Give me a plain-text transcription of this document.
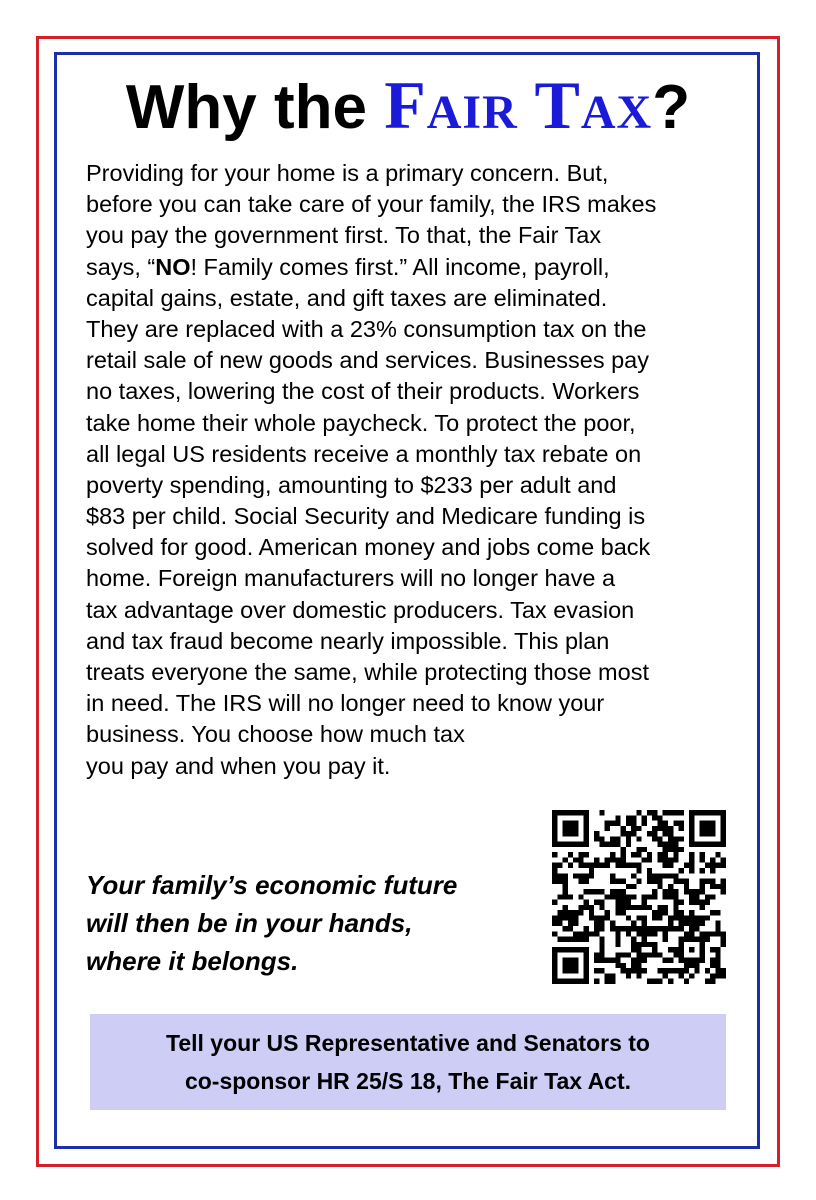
Why the Fair Tax?
Providing for your home is a primary concern. But,
before you can take care of your family, the IRS makes
you pay the government first. To that, the Fair Tax
says, “NO! Family comes first.” All income, payroll,
capital gains, estate, and gift taxes are eliminated.
They are replaced with a 23% consumption tax on the
retail sale of new goods and services. Businesses pay
no taxes, lowering the cost of their products. Workers
take home their whole paycheck. To protect the poor,
all legal US residents receive a monthly tax rebate on
poverty spending, amounting to $233 per adult and
$83 per child. Social Security and Medicare funding is
solved for good. American money and jobs come back
home. Foreign manufacturers will no longer have a
tax advantage over domestic producers. Tax evasion
and tax fraud become nearly impossible. This plan
treats everyone the same, while protecting those most
in need. The IRS will no longer need to know your
business. You choose how much tax
you pay and when you pay it.
Your family’s economic future
will then be in your hands,
where it belongs.
Tell your US Representative and Senators to
co-sponsor HR 25/S 18, The Fair Tax Act.
